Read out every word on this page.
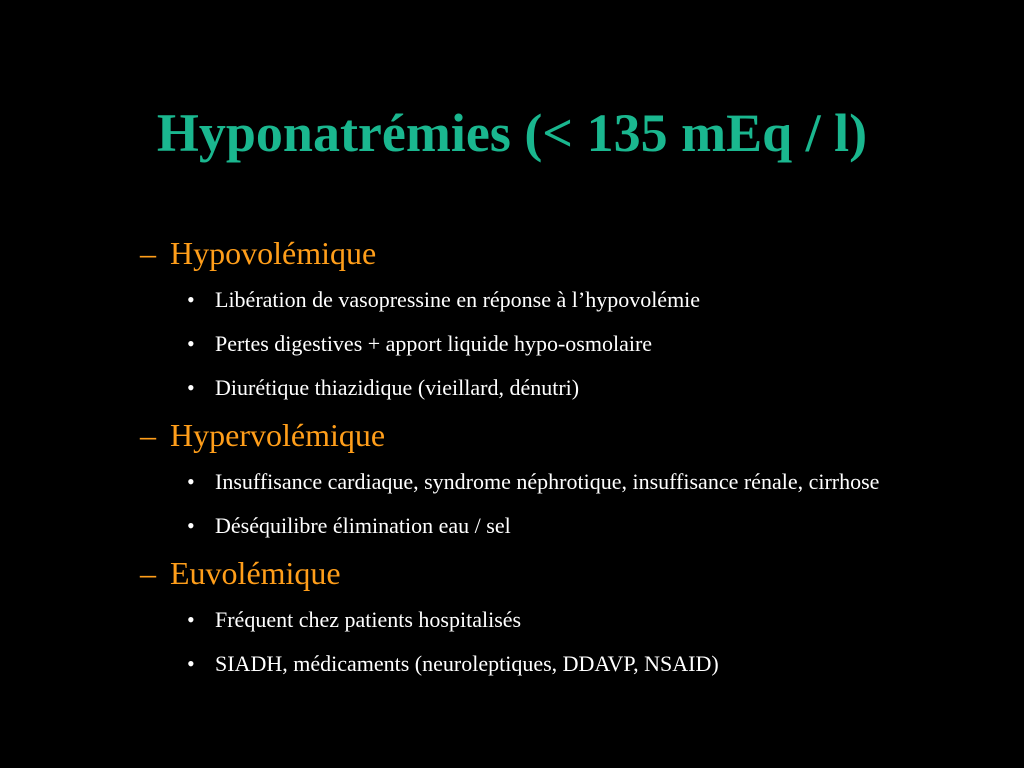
Hyponatrémies (< 135 mEq / l)
– Hypovolémique
• Libération de vasopressine en réponse à l’hypovolémie
• Pertes digestives + apport liquide hypo-osmolaire
• Diurétique thiazidique (vieillard, dénutri)
– Hypervolémique
• Insuffisance cardiaque, syndrome néphrotique, insuffisance rénale, cirrhose
• Déséquilibre élimination eau / sel
– Euvolémique
• Fréquent chez patients hospitalisés
• SIADH, médicaments (neuroleptiques, DDAVP, NSAID)
